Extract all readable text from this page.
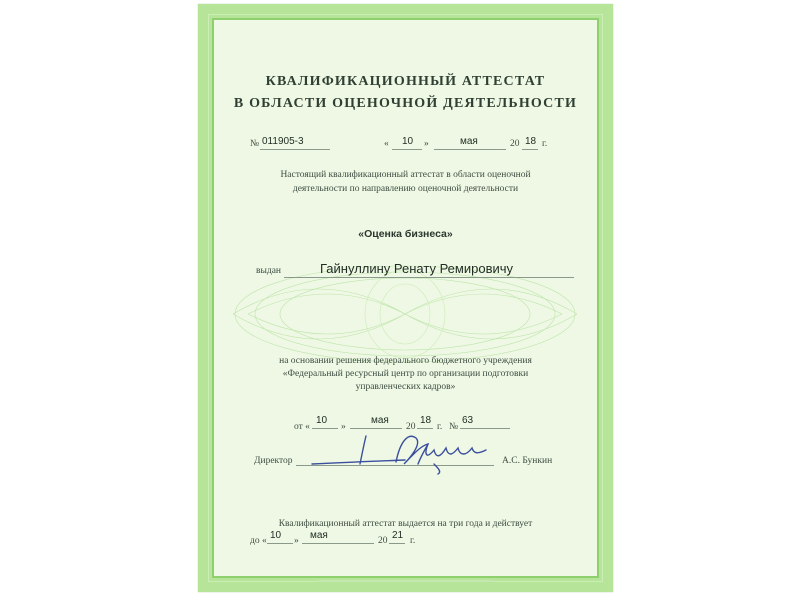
КВАЛИФИКАЦИОННЫЙ АТТЕСТАТ
В ОБЛАСТИ ОЦЕНОЧНОЙ ДЕЯТЕЛЬНОСТИ
№ 011905-3	« 10 »	мая	20 18 г.
Настоящий квалификационный аттестат в области оценочной
деятельности по направлению оценочной деятельности
«Оценка бизнеса»
выдан	Гайнуллину Ренату Ремировичу
на основании решения федерального бюджетного учреждения
«Федеральный ресурсный центр по организации подготовки
управленческих кадров»
от «
10
»
мая
20
18
г. №
63
Директор	А.С. Бункин
Квалификационный аттестат выдается на три года и действует
до « 10 » мая	20 21 г.
